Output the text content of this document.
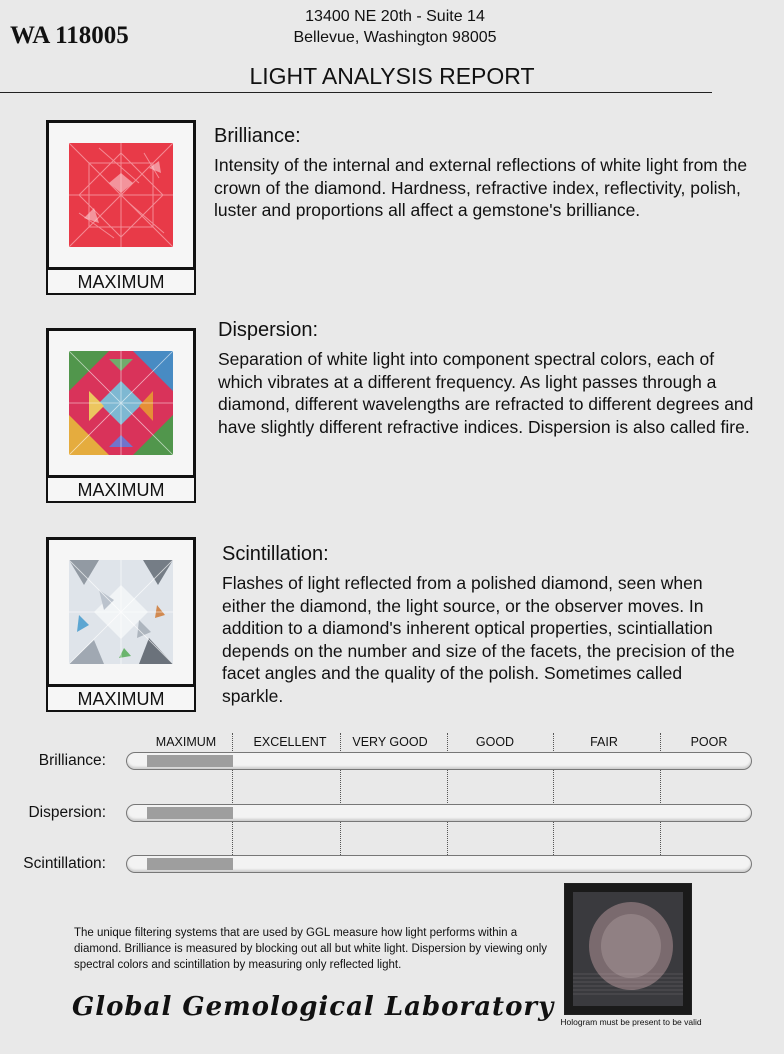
WA 118005
13400 NE 20th - Suite 14
Bellevue, Washington 98005
LIGHT ANALYSIS REPORT
MAXIMUM
Brilliance:
Intensity of the internal and external reflections of white light from the crown of the diamond. Hardness, refractive index, reflectivity, polish, luster and proportions all affect a gemstone's brilliance.
MAXIMUM
Dispersion:
Separation of white light into component spectral colors, each of which vibrates at a different frequency. As light passes through a diamond, different wavelengths are refracted to different degrees and have slightly different refractive indices. Dispersion is also called fire.
MAXIMUM
Scintillation:
Flashes of light reflected from a polished diamond, seen when either the diamond, the light source, or the observer moves. In addition to a diamond's inherent optical properties, scintiallation depends on the number and size of the facets, the precision of the facet angles and the quality of the polish. Sometimes called sparkle.
MAXIMUM	EXCELLENT	VERY GOOD	GOOD	FAIR	POOR
Brilliance:
Dispersion:
Scintillation:
The unique filtering systems that are used by GGL measure how light performs within a diamond. Brilliance is measured by blocking out all but white light. Dispersion by viewing only spectral colors and scintillation by measuring only reflected light.
Global Gemological Laboratory Hologram must be present to be valid
